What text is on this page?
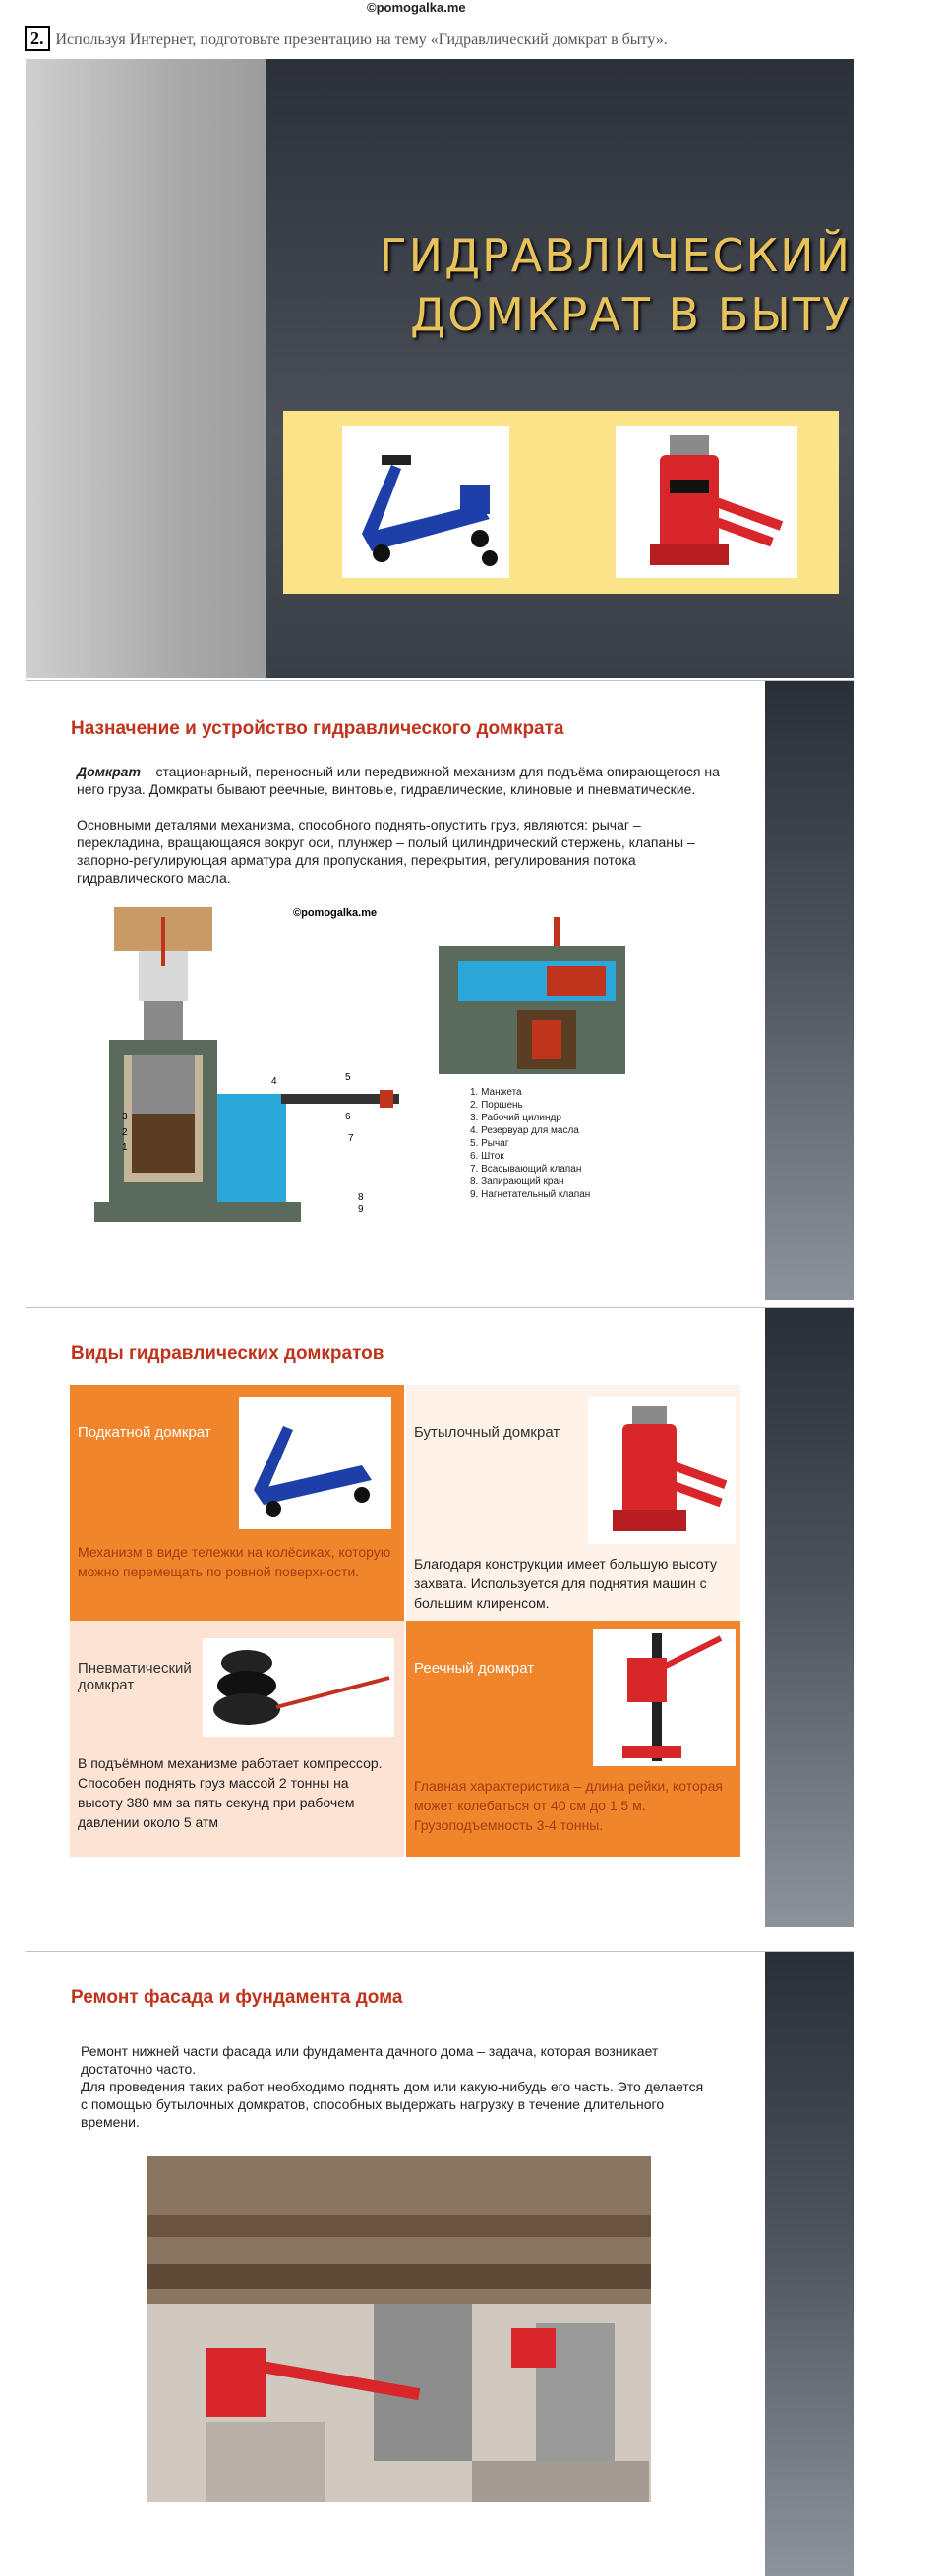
©pomogalka.me
2. Используя Интернет, подготовьте презентацию на тему «Гидравлический домкрат в быту».
ГИДРАВЛИЧЕСКИЙ
ДОМКРАТ В БЫТУ
Назначение и устройство гидравлического домкрата
Домкрат – стационарный, переносный или передвижной механизм для подъёма опирающегося на него груза. Домкраты бывают реечные, винтовые, гидравлические, клиновые и пневматические.
Основными деталями механизма, способного поднять-опустить груз, являются: рычаг – перекладина, вращающаяся вокруг оси, плунжер – полый цилиндрический стержень, клапаны – запорно-регулирующая арматура для пропускания, перекрытия, регулирования потока гидравлического масла.
©pomogalka.me
1
2
3
4	5
6
7
8
9
1. Манжета
2. Поршень
3. Рабочий цилиндр
4. Резервуар для масла
5. Рычаг
6. Шток
7. Всасывающий клапан
8. Запирающий кран
9. Нагнетательный клапан
Виды гидравлических домкратов
Подкатной домкрат
Механизм в виде тележки на колёсиках, которую можно перемещать по ровной поверхности.
Бутылочный домкрат
Благодаря конструкции имеет большую высоту захвата. Используется для поднятия машин с большим клиренсом.
Пневматический домкрат
В подъёмном механизме работает компрессор. Способен поднять груз массой 2 тонны на высоту 380 мм за пять секунд при рабочем давлении около 5 атм
Реечный домкрат
Главная характеристика – длина рейки, которая может колебаться от 40 см до 1.5 м. Грузоподъемность 3-4 тонны.
Ремонт фасада и фундамента дома
Ремонт нижней части фасада или фундамента дачного дома – задача, которая возникает достаточно часто.
Для проведения таких работ необходимо поднять дом или какую-нибудь его часть. Это делается с помощью бутылочных домкратов, способных выдержать нагрузку в течение длительного времени.
